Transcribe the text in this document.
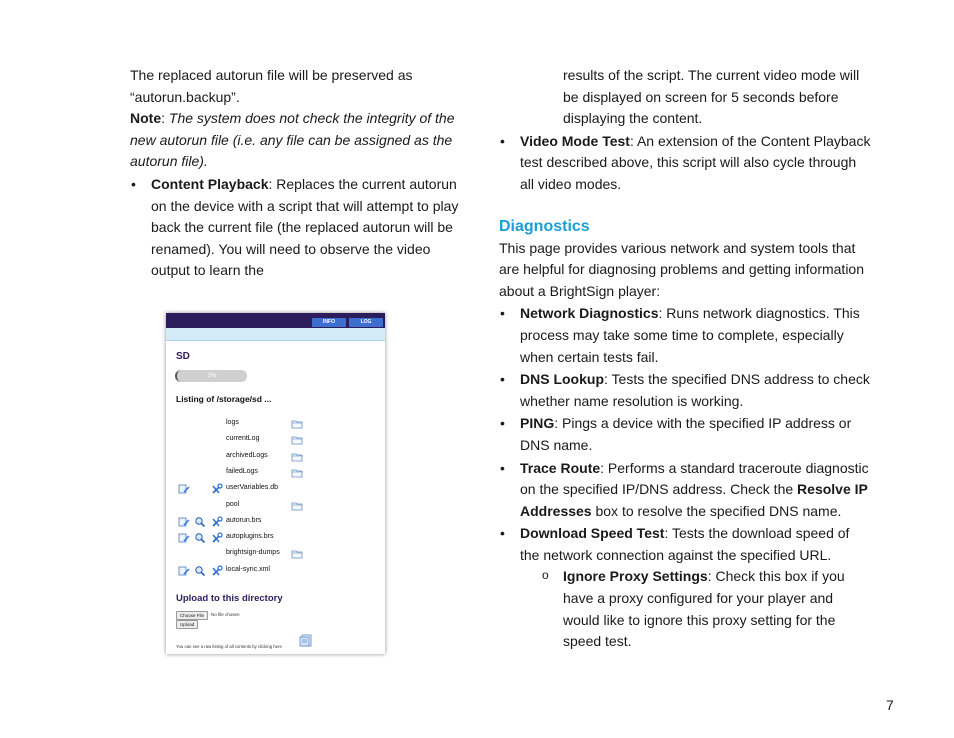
The replaced autorun file will be preserved as “autorun.backup”.

Note: The system does not check the integrity of the new autorun file (i.e. any file can be assigned as the autorun file).

• Content Playback: Replaces the current autorun on the device with a script that will attempt to play back the current file (the replaced autorun will be renamed). You will need to observe the video output to learn the

results of the script. The current video mode will be displayed on screen for 5 seconds before displaying the content.

• Video Mode Test: An extension of the Content Playback test described above, this script will also cycle through all video modes.
Diagnostics

This page provides various network and system tools that are helpful for diagnosing problems and getting information about a BrightSign player:

• Network Diagnostics: Runs network diagnostics. This process may take some time to complete, especially when certain tests fail.
• DNS Lookup: Tests the specified DNS address to check whether name resolution is working.
• PING: Pings a device with the specified IP address or DNS name.
• Trace Route: Performs a standard traceroute diagnostic on the specified IP/DNS address. Check the Resolve IP Addresses box to resolve the specified DNS name.
• Download Speed Test: Tests the download speed of the network connection against the specified URL.
o Ignore Proxy Settings: Check this box if you have a proxy configured for your player and would like to ignore this proxy setting for the speed test.
7
INFO	LOG
SD
2%
Listing of /storage/sd ...
logs
currentLog
archivedLogs
failedLogs
userVariables.db
pool
autorun.brs
autoplugins.brs
brightsign-dumps
local-sync.xml
Upload to this directory
Choose File	No file chosen
Upload
You can see a raw listing of all contents by clicking here
